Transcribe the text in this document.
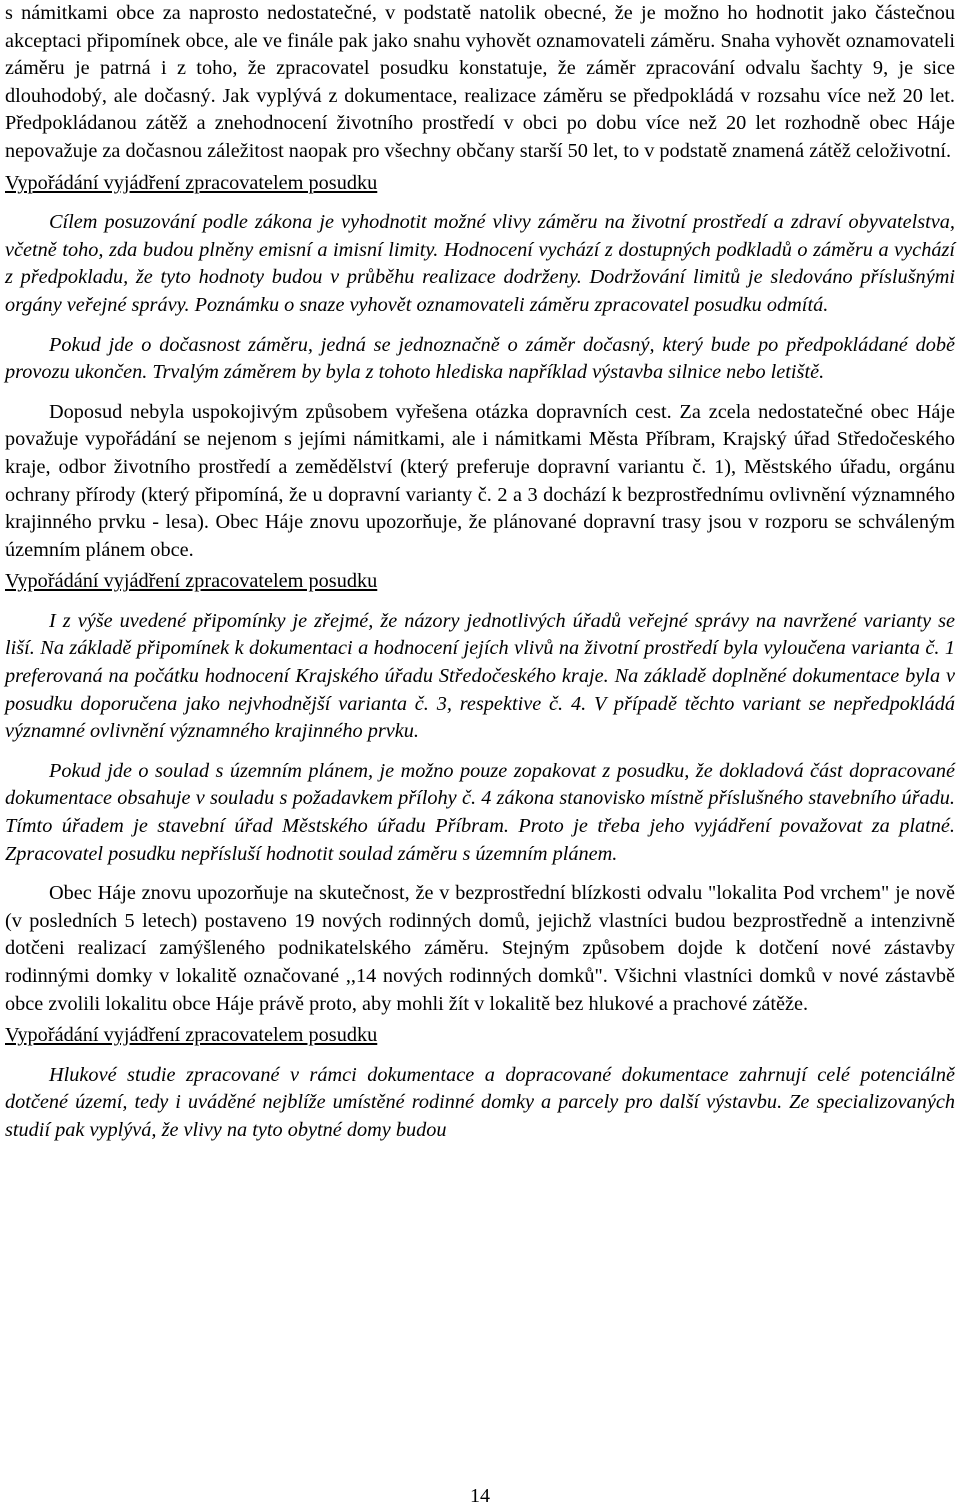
s námitkami obce za naprosto nedostatečné, v podstatě natolik obecné, že je možno ho hodnotit jako částečnou akceptaci připomínek obce, ale ve finále pak jako snahu vyhovět oznamovateli záměru. Snaha vyhovět oznamovateli záměru je patrná i z toho, že zpracovatel posudku konstatuje, že záměr zpracování odvalu šachty 9, je sice dlouhodobý, ale dočasný. Jak vyplývá z dokumentace, realizace záměru se předpokládá v rozsahu více než 20 let. Předpokládanou zátěž a znehodnocení životního prostředí v obci po dobu více než 20 let rozhodně obec Háje nepovažuje za dočasnou záležitost naopak pro všechny občany starší 50 let, to v podstatě znamená zátěž celoživotní.

Vypořádání vyjádření zpracovatelem posudku

Cílem posuzování podle zákona je vyhodnotit možné vlivy záměru na životní prostředí a zdraví obyvatelstva, včetně toho, zda budou plněny emisní a imisní limity. Hodnocení vychází z dostupných podkladů o záměru a vychází z předpokladu, že tyto hodnoty budou v průběhu realizace dodrženy. Dodržování limitů je sledováno příslušnými orgány veřejné správy. Poznámku o snaze vyhovět oznamovateli záměru zpracovatel posudku odmítá.

Pokud jde o dočasnost záměru, jedná se jednoznačně o záměr dočasný, který bude po předpokládané době provozu ukončen. Trvalým záměrem by byla z tohoto hlediska například výstavba silnice nebo letiště.

Doposud nebyla uspokojivým způsobem vyřešena otázka dopravních cest. Za zcela nedostatečné obec Háje považuje vypořádání se nejenom s jejími námitkami, ale i námitkami Města Příbram, Krajský úřad Středočeského kraje, odbor životního prostředí a zemědělství (který preferuje dopravní variantu č. 1), Městského úřadu, orgánu ochrany přírody (který připomíná, že u dopravní varianty č. 2 a 3 dochází k bezprostřednímu ovlivnění významného krajinného prvku - lesa). Obec Háje znovu upozorňuje, že plánované dopravní trasy jsou v rozporu se schváleným územním plánem obce.

Vypořádání vyjádření zpracovatelem posudku

I z výše uvedené připomínky je zřejmé, že názory jednotlivých úřadů veřejné správy na navržené varianty se liší. Na základě připomínek k dokumentaci a hodnocení jejích vlivů na životní prostředí byla vyloučena varianta č. 1 preferovaná na počátku hodnocení Krajského úřadu Středočeského kraje. Na základě doplněné dokumentace byla v posudku doporučena jako nejvhodnější varianta č. 3, respektive č. 4. V případě těchto variant se nepředpokládá významné ovlivnění významného krajinného prvku.

Pokud jde o soulad s územním plánem, je možno pouze zopakovat z posudku, že dokladová část dopracované dokumentace obsahuje v souladu s požadavkem přílohy č. 4 zákona stanovisko místně příslušného stavebního úřadu. Tímto úřadem je stavební úřad Městského úřadu Příbram. Proto je třeba jeho vyjádření považovat za platné. Zpracovatel posudku nepřísluší hodnotit soulad záměru s územním plánem.

Obec Háje znovu upozorňuje na skutečnost, že v bezprostřední blízkosti odvalu "lokalita Pod vrchem" je nově (v posledních 5 letech) postaveno 19 nových rodinných domů, jejichž vlastníci budou bezprostředně a intenzivně dotčeni realizací zamýšleného podnikatelského záměru. Stejným způsobem dojde k dotčení nové zástavby rodinnými domky v lokalitě označované ,,14 nových rodinných domků". Všichni vlastníci domků v nové zástavbě obce zvolili lokalitu obce Háje právě proto, aby mohli žít v lokalitě bez hlukové a prachové zátěže.

Vypořádání vyjádření zpracovatelem posudku

Hlukové studie zpracované v rámci dokumentace a dopracované dokumentace zahrnují celé potenciálně dotčené území, tedy i uváděné nejblíže umístěné rodinné domky a parcely pro další výstavbu. Ze specializovaných studií pak vyplývá, že vlivy na tyto obytné domy budou

14
